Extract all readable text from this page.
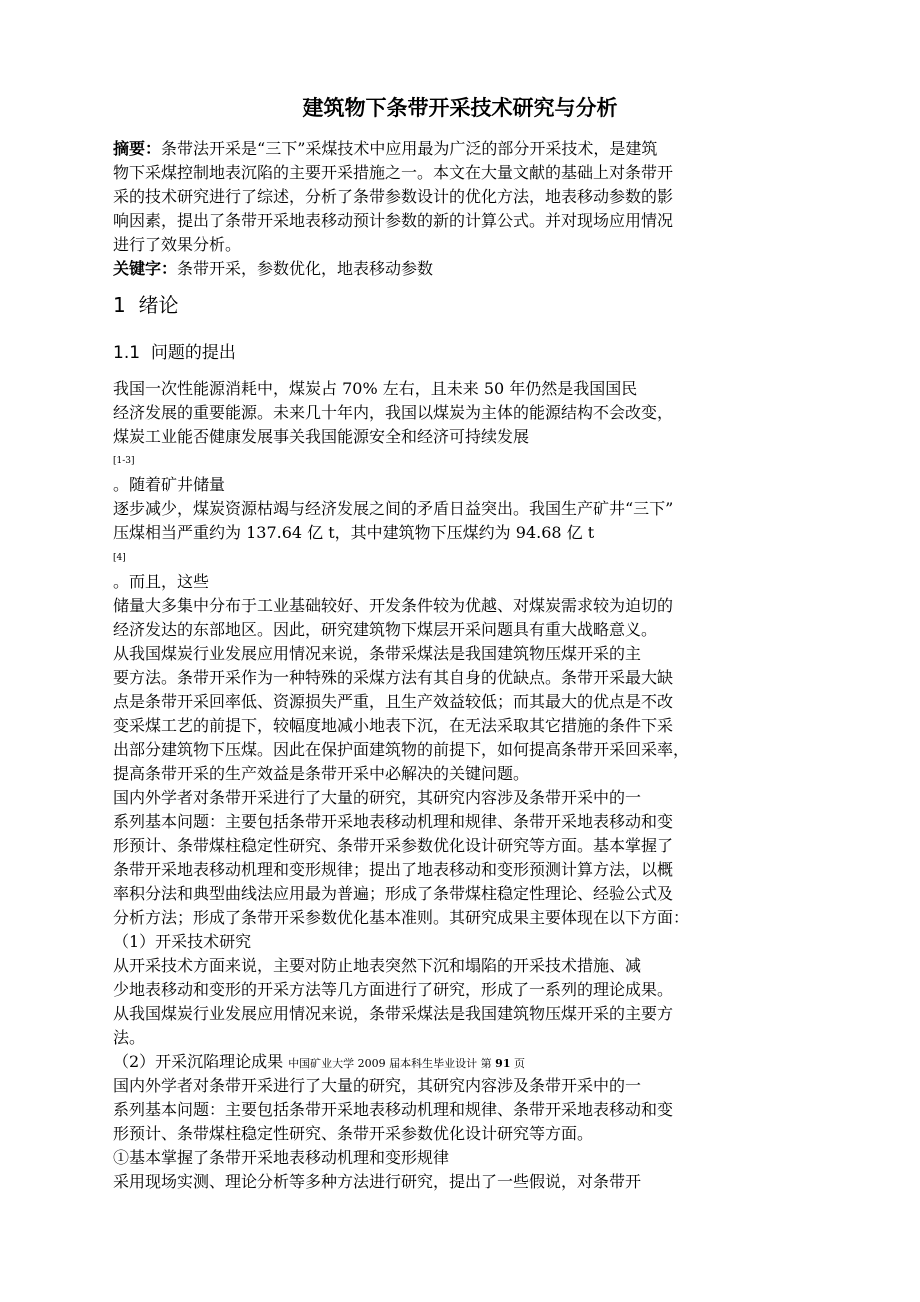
建筑物下条带开采技术研究与分析
摘要：条带法开采是“三下”采煤技术中应用最为广泛的部分开采技术，是建筑
物下采煤控制地表沉陷的主要开采措施之一。本文在大量文献的基础上对条带开
采的技术研究进行了综述，分析了条带参数设计的优化方法，地表移动参数的影
响因素，提出了条带开采地表移动预计参数的新的计算公式。并对现场应用情况
进行了效果分析。
关键字：条带开采，参数优化，地表移动参数
1 绪论
1.1 问题的提出
我国一次性能源消耗中，煤炭占 70% 左右，且未来 50 年仍然是我国国民
经济发展的重要能源。未来几十年内，我国以煤炭为主体的能源结构不会改变，
煤炭工业能否健康发展事关我国能源安全和经济可持续发展
[1-3]
。随着矿井储量
逐步减少，煤炭资源枯竭与经济发展之间的矛盾日益突出。我国生产矿井“三下”
压煤相当严重约为 137.64 亿 t，其中建筑物下压煤约为 94.68 亿 t
[4]
。而且，这些
储量大多集中分布于工业基础较好、开发条件较为优越、对煤炭需求较为迫切的
经济发达的东部地区。因此，研究建筑物下煤层开采问题具有重大战略意义。
从我国煤炭行业发展应用情况来说，条带采煤法是我国建筑物压煤开采的主
要方法。条带开采作为一种特殊的采煤方法有其自身的优缺点。条带开采最大缺
点是条带开采回率低、资源损失严重，且生产效益较低；而其最大的优点是不改
变采煤工艺的前提下，较幅度地减小地表下沉，在无法采取其它措施的条件下采
出部分建筑物下压煤。因此在保护面建筑物的前提下，如何提高条带开采回采率，
提高条带开采的生产效益是条带开采中必解决的关键问题。
国内外学者对条带开采进行了大量的研究，其研究内容涉及条带开采中的一
系列基本问题：主要包括条带开采地表移动机理和规律、条带开采地表移动和变
形预计、条带煤柱稳定性研究、条带开采参数优化设计研究等方面。基本掌握了
条带开采地表移动机理和变形规律；提出了地表移动和变形预测计算方法，以概
率积分法和典型曲线法应用最为普遍；形成了条带煤柱稳定性理论、经验公式及
分析方法；形成了条带开采参数优化基本准则。其研究成果主要体现在以下方面：
（1）开采技术研究
从开采技术方面来说，主要对防止地表突然下沉和塌陷的开采技术措施、减
少地表移动和变形的开采方法等几方面进行了研究，形成了一系列的理论成果。
从我国煤炭行业发展应用情况来说，条带采煤法是我国建筑物压煤开采的主要方
法。
（2）开采沉陷理论成果 中国矿业大学 2009 届本科生毕业设计 第 91 页
国内外学者对条带开采进行了大量的研究，其研究内容涉及条带开采中的一
系列基本问题：主要包括条带开采地表移动机理和规律、条带开采地表移动和变
形预计、条带煤柱稳定性研究、条带开采参数优化设计研究等方面。
①基本掌握了条带开采地表移动机理和变形规律
采用现场实测、理论分析等多种方法进行研究，提出了一些假说，对条带开
